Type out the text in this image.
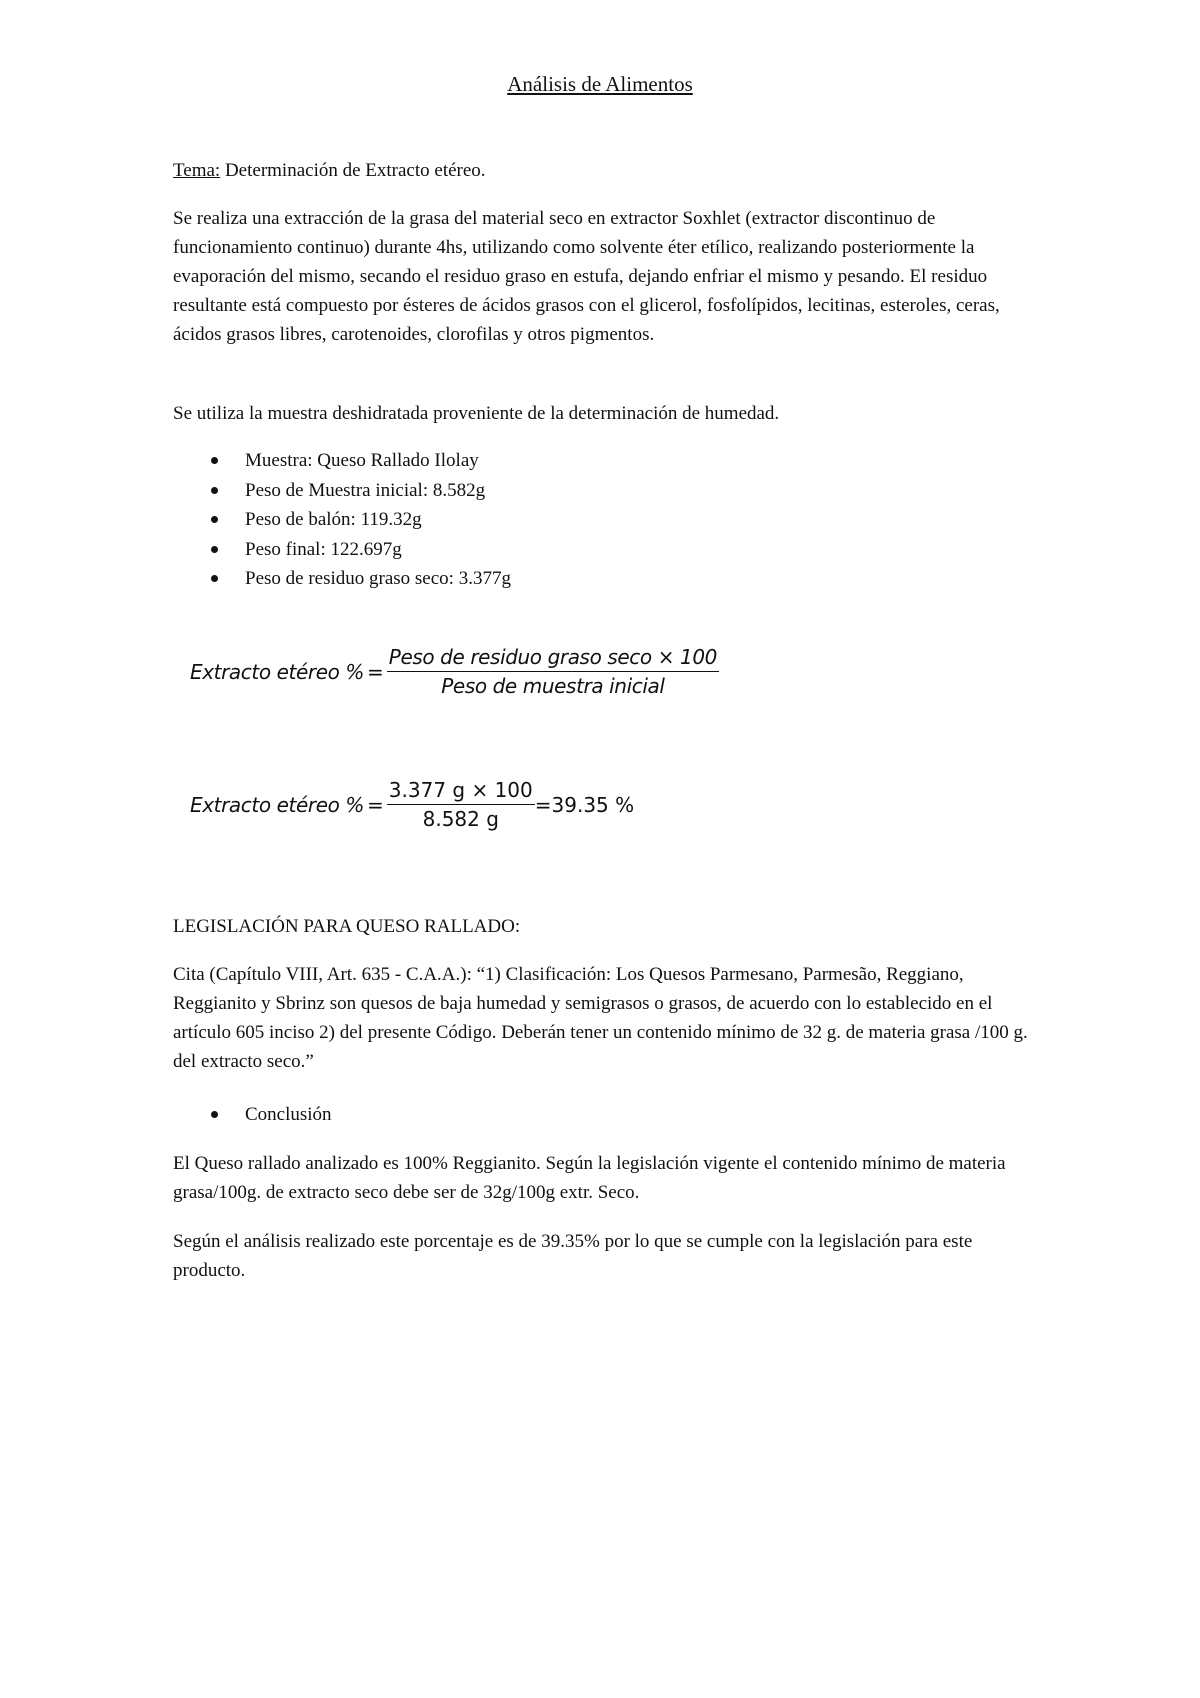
Análisis de Alimentos

Tema: Determinación de Extracto etéreo.

Se realiza una extracción de la grasa del material seco en extractor Soxhlet (extractor discontinuo de funcionamiento continuo) durante 4hs, utilizando como solvente éter etílico, realizando posteriormente la evaporación del mismo, secando el residuo graso en estufa, dejando enfriar el mismo y pesando. El residuo resultante está compuesto por ésteres de ácidos grasos con el glicerol, fosfolípidos, lecitinas, esteroles, ceras, ácidos grasos libres, carotenoides, clorofilas y otros pigmentos.

Se utiliza la muestra deshidratada proveniente de la determinación de humedad.

Muestra: Queso Rallado Ilolay
Peso de Muestra inicial: 8.582g
Peso de balón: 119.32g
Peso final: 122.697g
Peso de residuo graso seco: 3.377g
Extracto etéreo % = $\frac{\text{Peso de residuo graso seco × 100}}{\text{Peso de muestra inicial}}$
Extracto etéreo % = $\frac{3.377 g \times 100}{8.582 g} =39.35$ %

LEGISLACIÓN PARA QUESO RALLADO:

Cita (Capítulo VIII, Art. 635 - C.A.A.): “1) Clasificación: Los Quesos Parmesano, Parmesão, Reggiano, Reggianito y Sbrinz son quesos de baja humedad y semigrasos o grasos, de acuerdo con lo establecido en el artículo 605 inciso 2) del presente Código. Deberán tener un contenido mínimo de 32 g. de materia grasa /100 g. del extracto seco.”

Conclusión

El Queso rallado analizado es 100% Reggianito. Según la legislación vigente el contenido mínimo de materia grasa/100g. de extracto seco debe ser de 32g/100g extr. Seco.

Según el análisis realizado este porcentaje es de 39.35% por lo que se cumple con la legislación para este producto.
